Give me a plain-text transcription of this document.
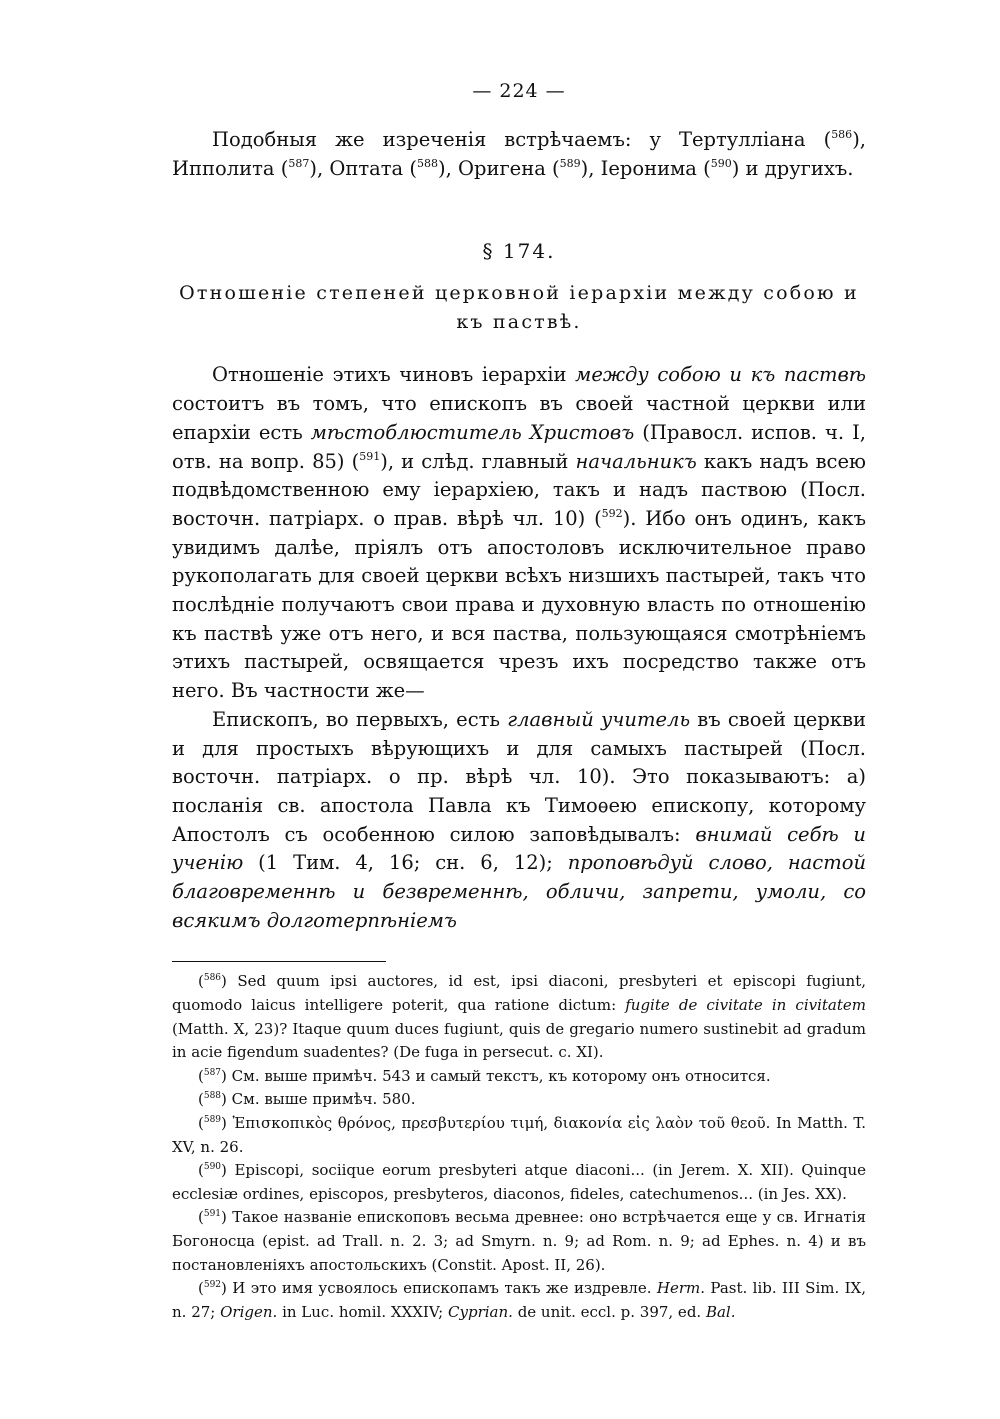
— 224 —

Подобныя же изреченія встрѣчаемъ: у Тертулліана ($^{586}$), Ипполита ($^{587}$), Оптата ($^{588}$), Оригена ($^{589}$), Іеронима ($^{590}$) и другихъ.

§ 174.
Отношеніе степеней церковной іерархіи между собою и
къ паствѣ.

Отношеніе этихъ чиновъ іерархіи между собою и къ паствѣ состоитъ въ томъ, что епископъ въ своей частной церкви или епархіи есть мѣстоблюститель Христовъ (Правосл. испов. ч. I, отв. на вопр. 85) ($^{591}$), и слѣд. главный начальникъ какъ надъ всею подвѣдомственною ему іерархіею, такъ и надъ паствою (Посл. восточн. патріарх. о прав. вѣрѣ чл. 10) ($^{592}$). Ибо онъ одинъ, какъ увидимъ далѣе, пріялъ отъ апостоловъ исключительное право рукополагать для своей церкви всѣхъ низшихъ пастырей, такъ что послѣдніе получаютъ свои права и духовную власть по отношенію къ паствѣ уже отъ него, и вся паства, пользующаяся смотрѣніемъ этихъ пастырей, освящается чрезъ ихъ посредство также отъ него. Въ частности же—

Епископъ, во первыхъ, есть главный учитель въ своей церкви и для простыхъ вѣрующихъ и для самыхъ пастырей (Посл. восточн. патріарх. о пр. вѣрѣ чл. 10). Это показываютъ: а) посланія св. апостола Павла къ Тимоѳею епископу, которому Апостолъ съ особенною силою заповѣдывалъ: внимай себѣ и ученію (1 Тим. 4, 16; сн. 6, 12); проповѣдуй слово, настой благовременнѣ и безвременнѣ, обличи, запрети, умоли, со всякимъ долготерпѣніемъ

($^{586}$) Sed quum ipsi auctores, id est, ipsi diaconi, presbyteri et episcopi fugiunt, quomodo laicus intelligere poterit, qua ratione dictum: fugite de civitate in civitatem (Matth. X, 23)? Itaque quum duces fugiunt, quis de gregario numero sustinebit ad gradum in acie figendum suadentes? (De fuga in persecut. c. XI).

($^{587}$) См. выше примѣч. 543 и самый текстъ, къ которому онъ относится.

($^{588}$) См. выше примѣч. 580.

($^{589}$) Ἐπισκοπικὸς θρόνος, πρεσβυτερίου τιμή, διακονία εἰς λαὸν τοῦ θεοῦ. In Matth. T. XV, n. 26.

($^{590}$) Episcopi, sociique eorum presbyteri atque diaconi... (in Jerem. X. XII). Quinque ecclesiæ ordines, episcopos, presbyteros, diaconos, fideles, catechumenos... (in Jes. XX).

($^{591}$) Такое названіе епископовъ весьма древнее: оно встрѣчается еще у св. Игнатія Богоносца (epist. ad Trall. n. 2. 3; ad Smyrn. n. 9; ad Rom. n. 9; ad Ephes. n. 4) и въ постановленіяхъ апостольскихъ (Constit. Apost. II, 26).

($^{592}$) И это имя усвоялось епископамъ такъ же издревле. Herm. Past. lib. III Sim. IX, n. 27; Origen. in Luc. homil. XXXIV; Cyprian. de unit. eccl. p. 397, ed. Bal.
